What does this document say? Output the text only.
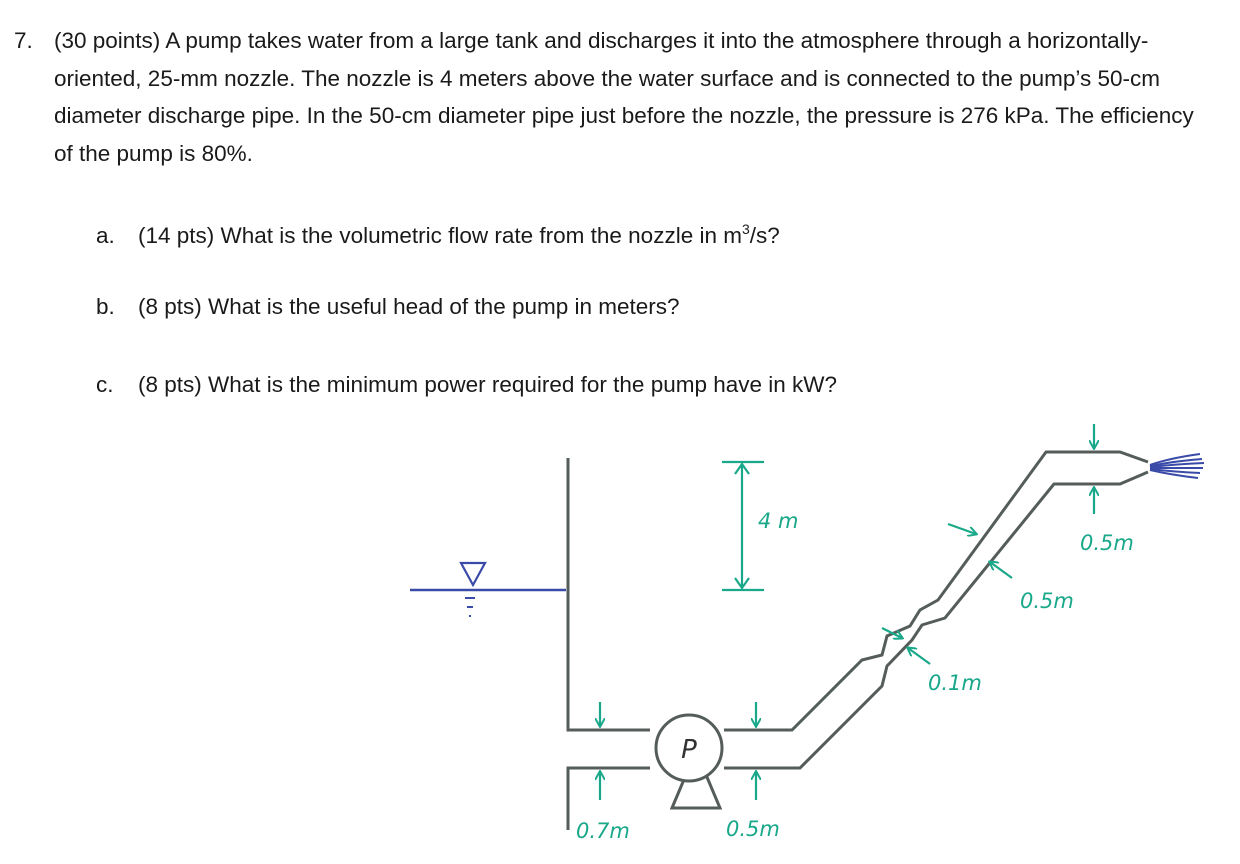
7. (30 points) A pump takes water from a large tank and discharges it into the atmosphere through a horizontally-oriented, 25-mm nozzle. The nozzle is 4 meters above the water surface and is connected to the pump’s 50-cm diameter discharge pipe. In the 50-cm diameter pipe just before the nozzle, the pressure is 276 kPa. The efficiency of the pump is 80%.
a. (14 pts) What is the volumetric flow rate from the nozzle in $m^3/s$?
b. (8 pts) What is the useful head of the pump in meters?
c. (8 pts) What is the minimum power required for the pump have in kW?
P
4 m
0.7m	0.5m
0.1m
0.5m
0.5m
